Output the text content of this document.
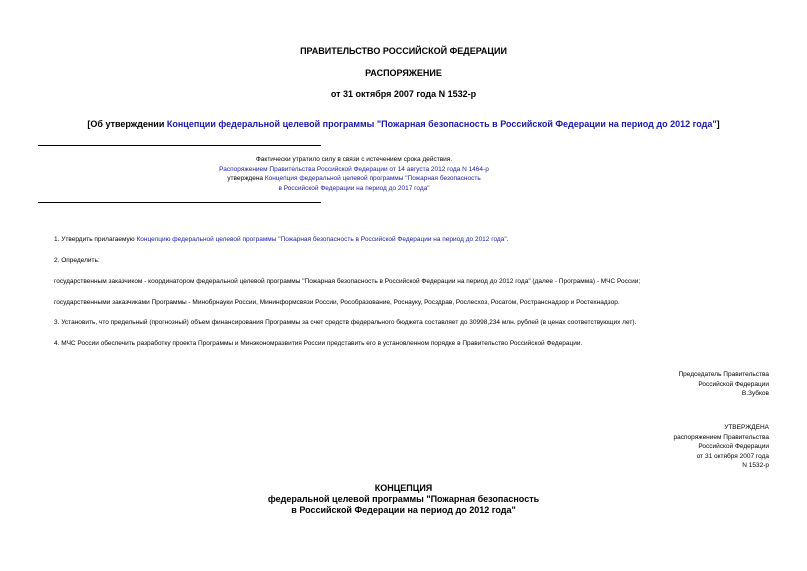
ПРАВИТЕЛЬСТВО РОССИЙСКОЙ ФЕДЕРАЦИИ
РАСПОРЯЖЕНИЕ
от 31 октября 2007 года N 1532-р
[Об утверждении Концепции федеральной целевой программы "Пожарная безопасность в Российской Федерации на период до 2012 года"]
Фактически утратило силу в связи с истечением срока действия.
Распоряжением Правительства Российской Федерации от 14 августа 2012 года N 1464-р
утверждена Концепция федеральной целевой программы "Пожарная безопасность
в Российской Федерации на период до 2017 года"
1. Утвердить прилагаемую Концепцию федеральной целевой программы "Пожарная безопасность в Российской Федерации на период до 2012 года".
2. Определить:
государственным заказчиком - координатором федеральной целевой программы "Пожарная безопасность в Российской Федерации на период до 2012 года" (далее - Программа) - МЧС России;
государственными заказчиками Программы - Минобрнауки России, Мининформсвязи России, Рособразование, Роснауку, Росздрав, Рослесхоз, Росатом, Ространснадзор и Ростехнадзор.
3. Установить, что предельный (прогнозный) объем финансирования Программы за счет средств федерального бюджета составляет до 30998,234 млн. рублей (в ценах соответствующих лет).
4. МЧС России обеспечить разработку проекта Программы и Минэкономразвития России представить его в установленном порядке в Правительство Российской Федерации.
Председатель Правительства
Российской Федерации
В.Зубков
УТВЕРЖДЕНА
распоряжением Правительства
Российской Федерации
от 31 октября 2007 года
N 1532-р
КОНЦЕПЦИЯ
федеральной целевой программы "Пожарная безопасность
в Российской Федерации на период до 2012 года"
